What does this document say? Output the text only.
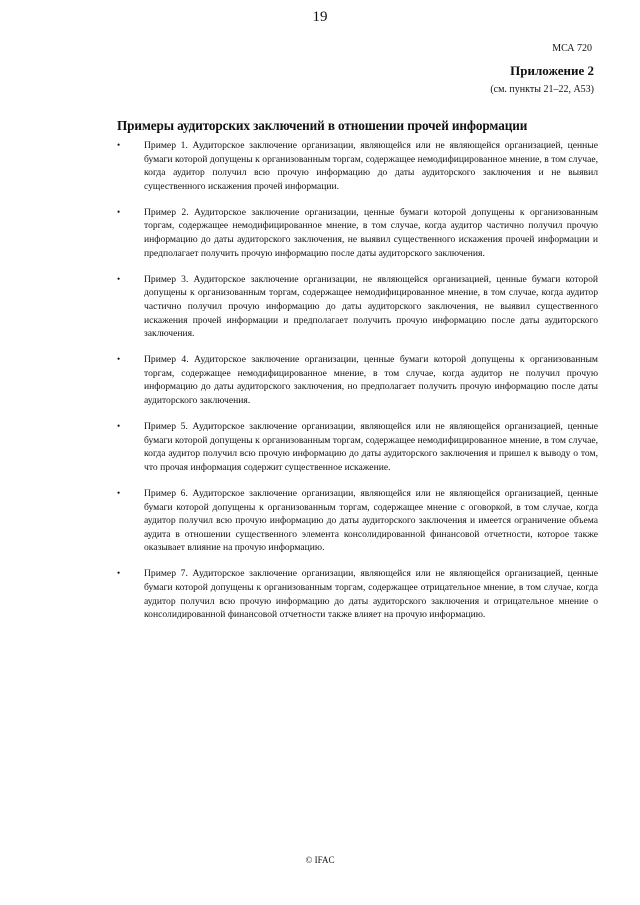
19
МСА 720
Приложение 2
(см. пункты 21–22, А53)
Примеры аудиторских заключений в отношении прочей информации
• Пример 1. Аудиторское заключение организации, являющейся или не являющейся организацией, ценные бумаги которой допущены к организованным торгам, содержащее немодифицированное мнение, в том случае, когда аудитор получил всю прочую информацию до даты аудиторского заключения и не выявил существенного искажения прочей информации.
• Пример 2. Аудиторское заключение организации, ценные бумаги которой допущены к организованным торгам, содержащее немодифицированное мнение, в том случае, когда аудитор частично получил прочую информацию до даты аудиторского заключения, не выявил существенного искажения прочей информации и предполагает получить прочую информацию после даты аудиторского заключения.
• Пример 3. Аудиторское заключение организации, не являющейся организацией, ценные бумаги которой допущены к организованным торгам, содержащее немодифицированное мнение, в том случае, когда аудитор частично получил прочую информацию до даты аудиторского заключения, не выявил существенного искажения прочей информации и предполагает получить прочую информацию после даты аудиторского заключения.
• Пример 4. Аудиторское заключение организации, ценные бумаги которой допущены к организованным торгам, содержащее немодифицированное мнение, в том случае, когда аудитор не получил прочую информацию до даты аудиторского заключения, но предполагает получить прочую информацию после даты аудиторского заключения.
• Пример 5. Аудиторское заключение организации, являющейся или не являющейся организацией, ценные бумаги которой допущены к организованным торгам, содержащее немодифицированное мнение, в том случае, когда аудитор получил всю прочую информацию до даты аудиторского заключения и пришел к выводу о том, что прочая информация содержит существенное искажение.
• Пример 6. Аудиторское заключение организации, являющейся или не являющейся организацией, ценные бумаги которой допущены к организованным торгам, содержащее мнение с оговоркой, в том случае, когда аудитор получил всю прочую информацию до даты аудиторского заключения и имеется ограничение объема аудита в отношении существенного элемента консолидированной финансовой отчетности, которое также оказывает влияние на прочую информацию.
• Пример 7. Аудиторское заключение организации, являющейся или не являющейся организацией, ценные бумаги которой допущены к организованным торгам, содержащее отрицательное мнение, в том случае, когда аудитор получил всю прочую информацию до даты аудиторского заключения и отрицательное мнение о консолидированной финансовой отчетности также влияет на прочую информацию.
© IFAC
